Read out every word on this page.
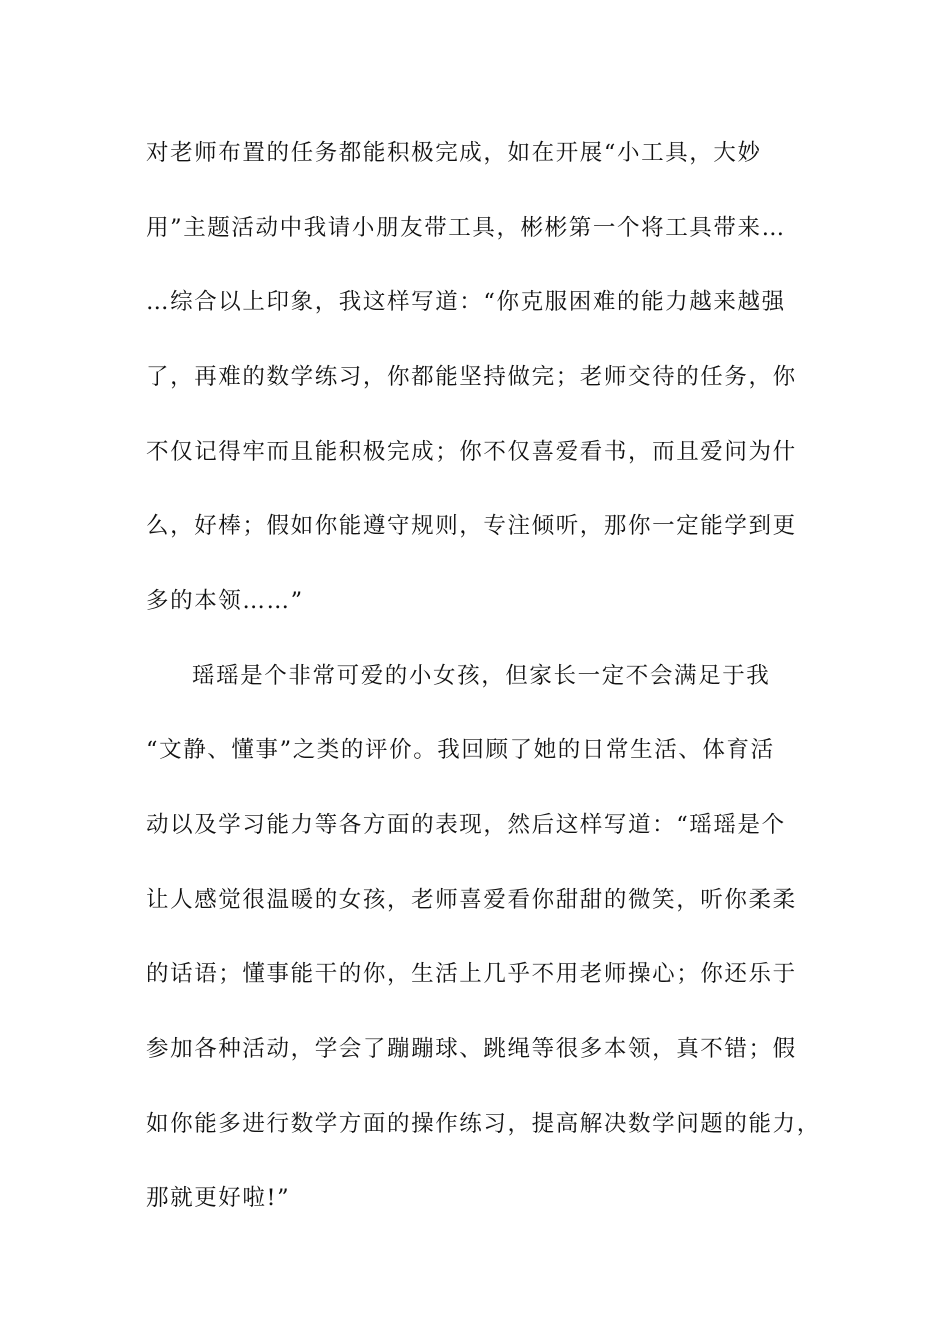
对老师布置的任务都能积极完成，如在开展“小工具，大妙
用”主题活动中我请小朋友带工具，彬彬第一个将工具带来…
…综合以上印象，我这样写道：“你克服困难的能力越来越强
了，再难的数学练习，你都能坚持做完；老师交待的任务，你
不仅记得牢而且能积极完成；你不仅喜爱看书，而且爱问为什
么，好棒；假如你能遵守规则，专注倾听，那你一定能学到更
多的本领……”
瑶瑶是个非常可爱的小女孩，但家长一定不会满足于我
“文静、懂事”之类的评价。我回顾了她的日常生活、体育活
动以及学习能力等各方面的表现，然后这样写道：“瑶瑶是个
让人感觉很温暖的女孩，老师喜爱看你甜甜的微笑，听你柔柔
的话语；懂事能干的你，生活上几乎不用老师操心；你还乐于
参加各种活动，学会了蹦蹦球、跳绳等很多本领，真不错；假
如你能多进行数学方面的操作练习，提高解决数学问题的能力，
那就更好啦!”
